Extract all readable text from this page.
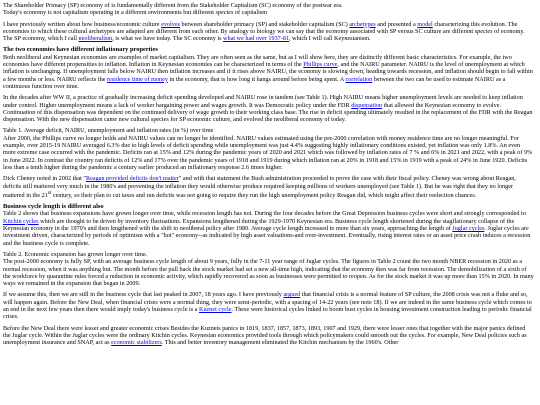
The Shareholder Primacy (SP) economy of is fundamentally different from the Stakeholder Capitalism (SC) economy of the postwar era.

Today's economy is not capitalism operating in a different environments but different species of capitalism

I have previously written about how business/economic culture evolves between shareholder primacy (SP) and stakeholder capitalism (SC) archetypes and presented a model characterizing this evolution. The economies to which these cultural archetypes are adapted are different from each other. By analogy to biology we can say that the economy associated with SP versus SC culture are different species of economy. The SP economy, which I call neoliberalism, is what we have today. The SC economy is what we had over 1937-81, which I will call Keynesianism.

The two economies have different inflationary properties

Both neoliberal and Keynesian economies are examples of market capitalism. They are often seen as the same, but as I will show here, they are distinctly different basic characteristics. For example, the two economies have different propensities to inflation. Inflation in Keynesian economies can be characterized in terms of the Phillips curve, and the NAIRU parameter. NAIRU is the level of unemployment at which inflation is unchanging. If unemployment falls below NAIRU then inflation increases and if it rises above NAIRU, the economy is slowing down, heading towards recession, and inflation should begin to fall within a few months or less. NAIRU reflects the residence time of money in the economy, that is how long it hangs around before being spent. A correlation between the two can be used to estimate NAIRU as a continuous function over time.

In the decades after WW II, a practice of gradually increasing deficit spending developed and NAIRU rose in tandem (see Table 1). High NAIRU means higher unemployment levels are needed to keep inflation under control. Higher unemployment means a lack of worker bargaining power and wages growth. It was Democratic policy under the FDR dispensation that allowed the Keynesian economy to evolve. Continuation of this dispensation was dependent on the continued delivery of wage growth to their working class base. The rise in deficit spending ultimately resulted in the replacement of the FDR with the Reagan dispensation. With the new dispensation came new cultural species for SP economic culture, and evolved the neoliberal economy of today.

Table 1. Average deficit, NAIRU, unemployment and inflation rates (in %) over time

After 2000, the Phillips curve no longer holds and NAIRU values can no longer be identified. NAIRU values estimated using the pre-2000 correlation with money residence time are no longer meaningful. For example, over 2015-19 NAIRU averaged 6.3% due to high levels of deficit spending while unemployment was just 4.4% suggesting highly inflationary conditions existed, yet inflation was only 1.8%. An even more extreme case occurred with the pandemic. Deficits ran at 15% and 12% during the pandemic years of 2020 and 2021 which was followed by inflation rates of 7 % and 6% in 2021 and 2022, with a peak of 9% in June 2022. In contrast the country ran deficits of 12% and 17% over the pandemic years of 1918 and 1919 during which inflation ran at 20% in 1918 and 15% in 1919 with a peak of 24% in June 1920. Deficits less than a tenth higher during the pandemic a century earlier produced an inflationary response 2.6 times higher.

Dick Cheney noted in 2002 that "Reagan provided deficits don't matter" and with that statement the Bush administration proceeded to prove the case with their fiscal policy. Cheney was wrong about Reagan, deficits still mattered very much in the 1980's and preventing the inflation they would otherwise produce required keeping millions of workers unemployed (see Table 1). But he was right that they no longer mattered in the 21st century, so their plan to cut taxes and run deficits was not going to require they run the high unemployment policy Reagan did, which might affect their reelection chances.

Business cycle length is different also

Table 2 shows that business expansions have grown longer over time, while recession length has not. During the four decades before the Great Depression business cycles were short and strongly corresponded to Kitchin cycles which are thought to be driven by inventory fluctuations. Expansions lengthened during the 1929-1970 Keynesian era. Business cycle length shortened during the stagflationary collapse of the Keynesian economy in the 1970's and then lengthened with the shift to neoliberal policy after 1980. Average cycle length increased to more than six years, approaching the length of Juglar cycles. Juglar cycles are investment driven, characterized by periods of optimism with a "hot" economy--as indicated by high asset valuations-and over-investment. Eventually, rising interest rates or an asset price crash induces a recession and the business cycle is complete.

Table 2. Economic expansion has grown longer over time.

The post-2000 economy is fully SP, with an average business cycle length of about 9 years, fully in the 7-11 year range of Juglar cycles. The figures in Table 2 count the two month NBER recession in 2020 as a normal recession, when it was anything but. The month before the pull back the stock market had set a new all-time high, indicating that the economy then was far from recession. The demobilization of a sixth of the workforce by quarantine rules forced a reduction in economic activity, which rapidly recovered as soon as businesses were permitted to reopen. As for the stock market it was up more than 15% in 2020. In many ways we remained in the expansion that began in 2009.

If we assume this, then we are still in the business cycle that last peaked in 2007, 18 years ago. I have previously argued that financial crisis is a normal feature of SP culture, the 2008 crisis was not a fluke and so, will happen again. Before the New Deal, when financial crises were a normal thing, they were semi-periodic, with a spacing of 14-22 years (see note 18). If we are indeed in the same business cycle which comes to an end in the next few years then there would imply today's business cycle is a Kuznet cycle. These were historical cycles linked to boom bust cycles in housing investment construction leading to periodic financial crises.

Before the New Deal there were lesser and greater economic crises Besides the Kuznets panics in 1819, 1837, 1857, 1873, 1893, 1907 and 1929, there were lesser ones that together with the major panics defined the Juglar cycle. Within the Juglar cycles were the ordinary Kitchin cycles. Keynesian economics provided tools through which policymakers could smooth out the cycles. For example, New Deal policies such as unemployment insurance and SNAP, act as economic stabilizers. This and better inventory management eliminated the Kitchin mechanism by the 1960's. Other
